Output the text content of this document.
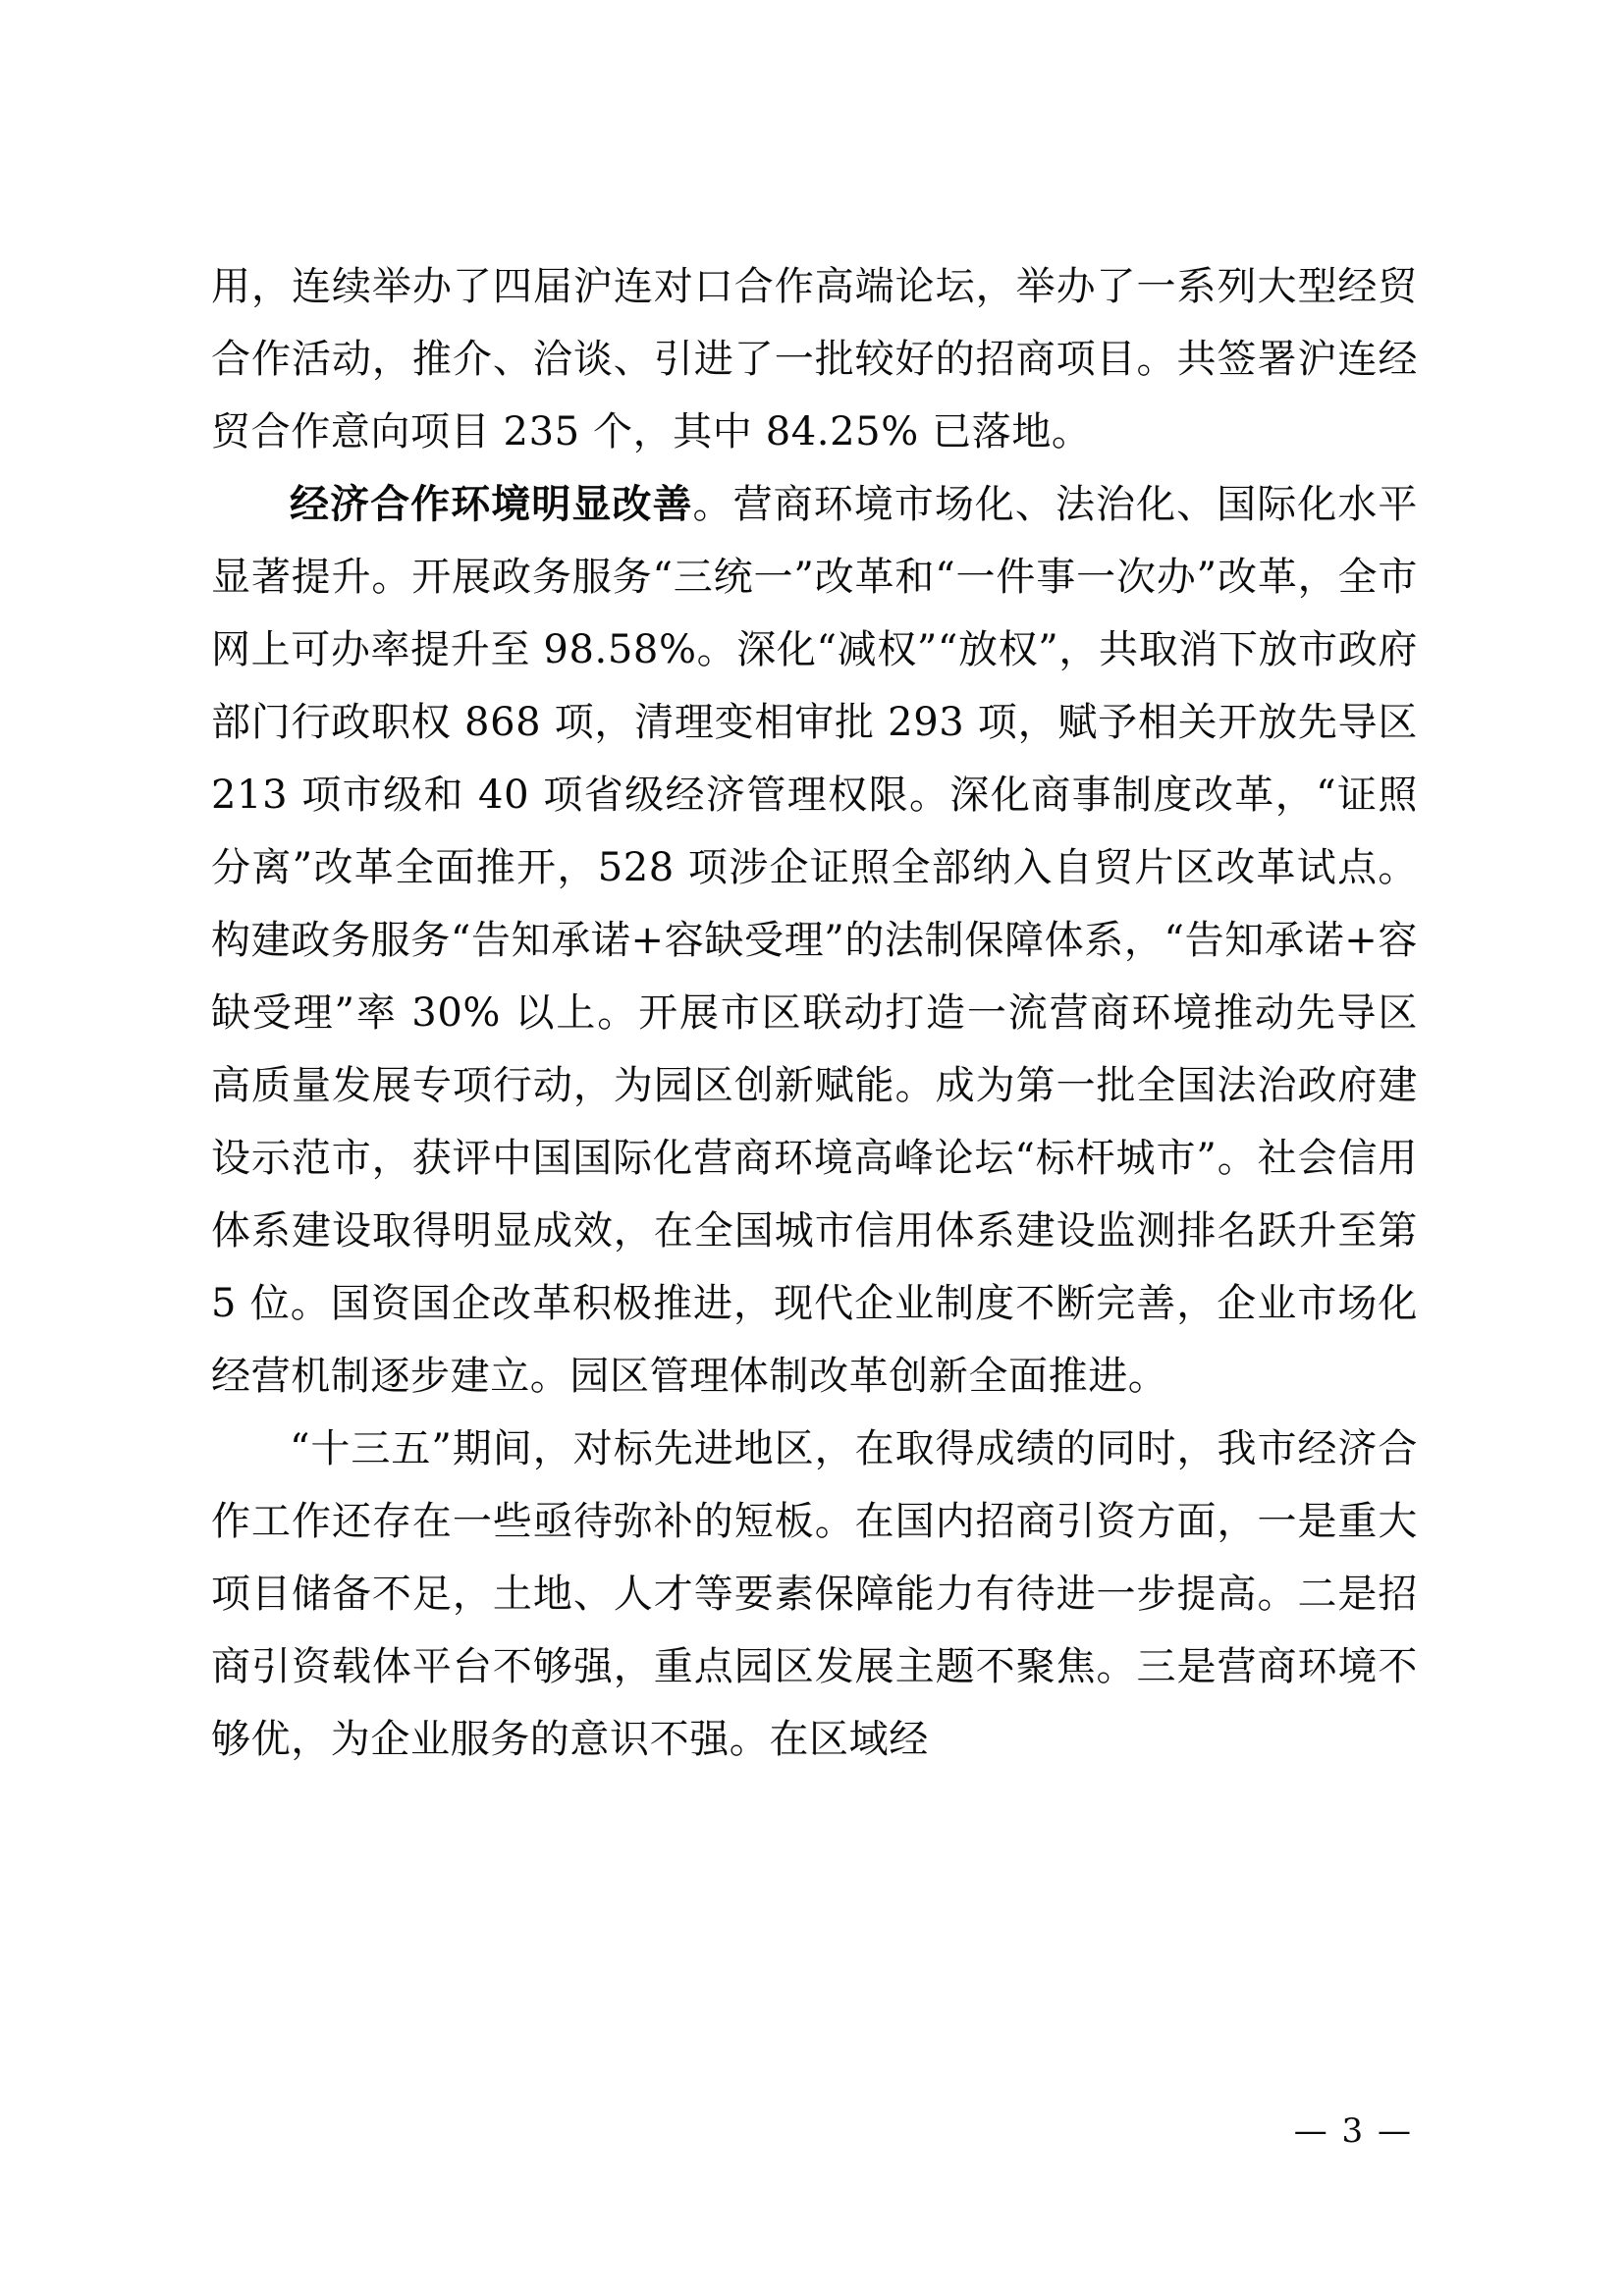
用，连续举办了四届沪连对口合作高端论坛，举办了一系列大型经贸合作活动，推介、洽谈、引进了一批较好的招商项目。共签署沪连经贸合作意向项目 235 个，其中 84.25% 已落地。

经济合作环境明显改善。营商环境市场化、法治化、国际化水平显著提升。开展政务服务“三统一”改革和“一件事一次办”改革，全市网上可办率提升至 98.58%。深化“减权”“放权”，共取消下放市政府部门行政职权 868 项，清理变相审批 293 项，赋予相关开放先导区 213 项市级和 40 项省级经济管理权限。深化商事制度改革，“证照分离”改革全面推开，528 项涉企证照全部纳入自贸片区改革试点。构建政务服务“告知承诺+容缺受理”的法制保障体系，“告知承诺+容缺受理”率 30% 以上。开展市区联动打造一流营商环境推动先导区高质量发展专项行动，为园区创新赋能。成为第一批全国法治政府建设示范市，获评中国国际化营商环境高峰论坛“标杆城市”。社会信用体系建设取得明显成效，在全国城市信用体系建设监测排名跃升至第 5 位。国资国企改革积极推进，现代企业制度不断完善，企业市场化经营机制逐步建立。园区管理体制改革创新全面推进。

“十三五”期间，对标先进地区，在取得成绩的同时，我市经济合作工作还存在一些亟待弥补的短板。在国内招商引资方面，一是重大项目储备不足，土地、人才等要素保障能力有待进一步提高。二是招商引资载体平台不够强，重点园区发展主题不聚焦。三是营商环境不够优，为企业服务的意识不强。在区域经

— 3 —
